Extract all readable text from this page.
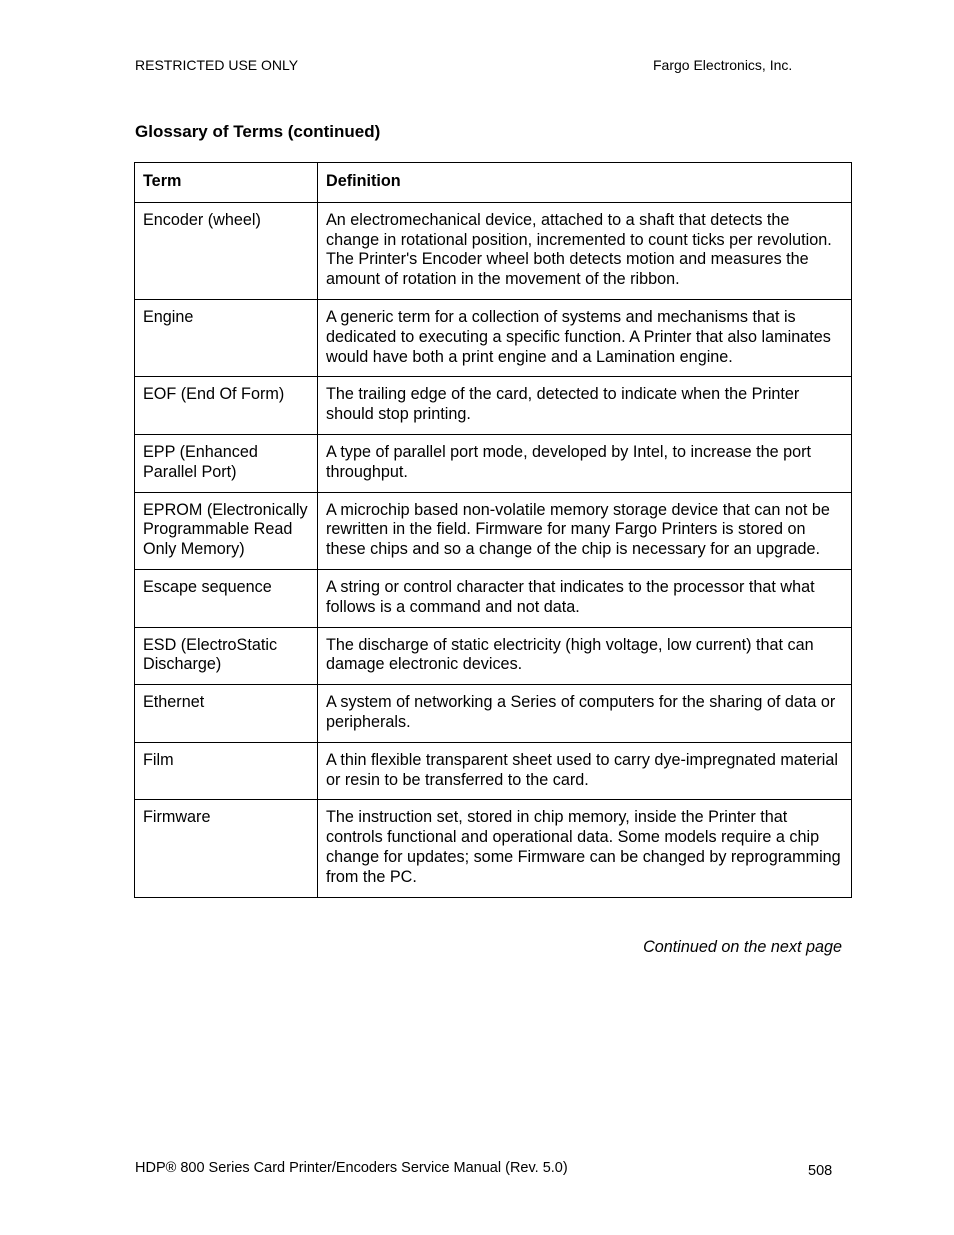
RESTRICTED USE ONLY	Fargo Electronics, Inc.
Glossary of Terms (continued)
Term	Definition
Encoder (wheel)	An electromechanical device, attached to a shaft that detects the change in rotational position, incremented to count ticks per revolution. The Printer's Encoder wheel both detects motion and measures the amount of rotation in the movement of the ribbon.
Engine	A generic term for a collection of systems and mechanisms that is dedicated to executing a specific function. A Printer that also laminates would have both a print engine and a Lamination engine.
EOF (End Of Form)	The trailing edge of the card, detected to indicate when the Printer should stop printing.
EPP (Enhanced Parallel Port)	A type of parallel port mode, developed by Intel, to increase the port throughput.
EPROM (Electronically Programmable Read Only Memory)	A microchip based non-volatile memory storage device that can not be rewritten in the field. Firmware for many Fargo Printers is stored on these chips and so a change of the chip is necessary for an upgrade.
Escape sequence	A string or control character that indicates to the processor that what follows is a command and not data.
ESD (ElectroStatic Discharge)	The discharge of static electricity (high voltage, low current) that can damage electronic devices.
Ethernet	A system of networking a Series of computers for the sharing of data or peripherals.
Film	A thin flexible transparent sheet used to carry dye-impregnated material or resin to be transferred to the card.
Firmware	The instruction set, stored in chip memory, inside the Printer that controls functional and operational data. Some models require a chip change for updates; some Firmware can be changed by reprogramming from the PC.
Continued on the next page
HDP® 800 Series Card Printer/Encoders Service Manual (Rev. 5.0)	508
